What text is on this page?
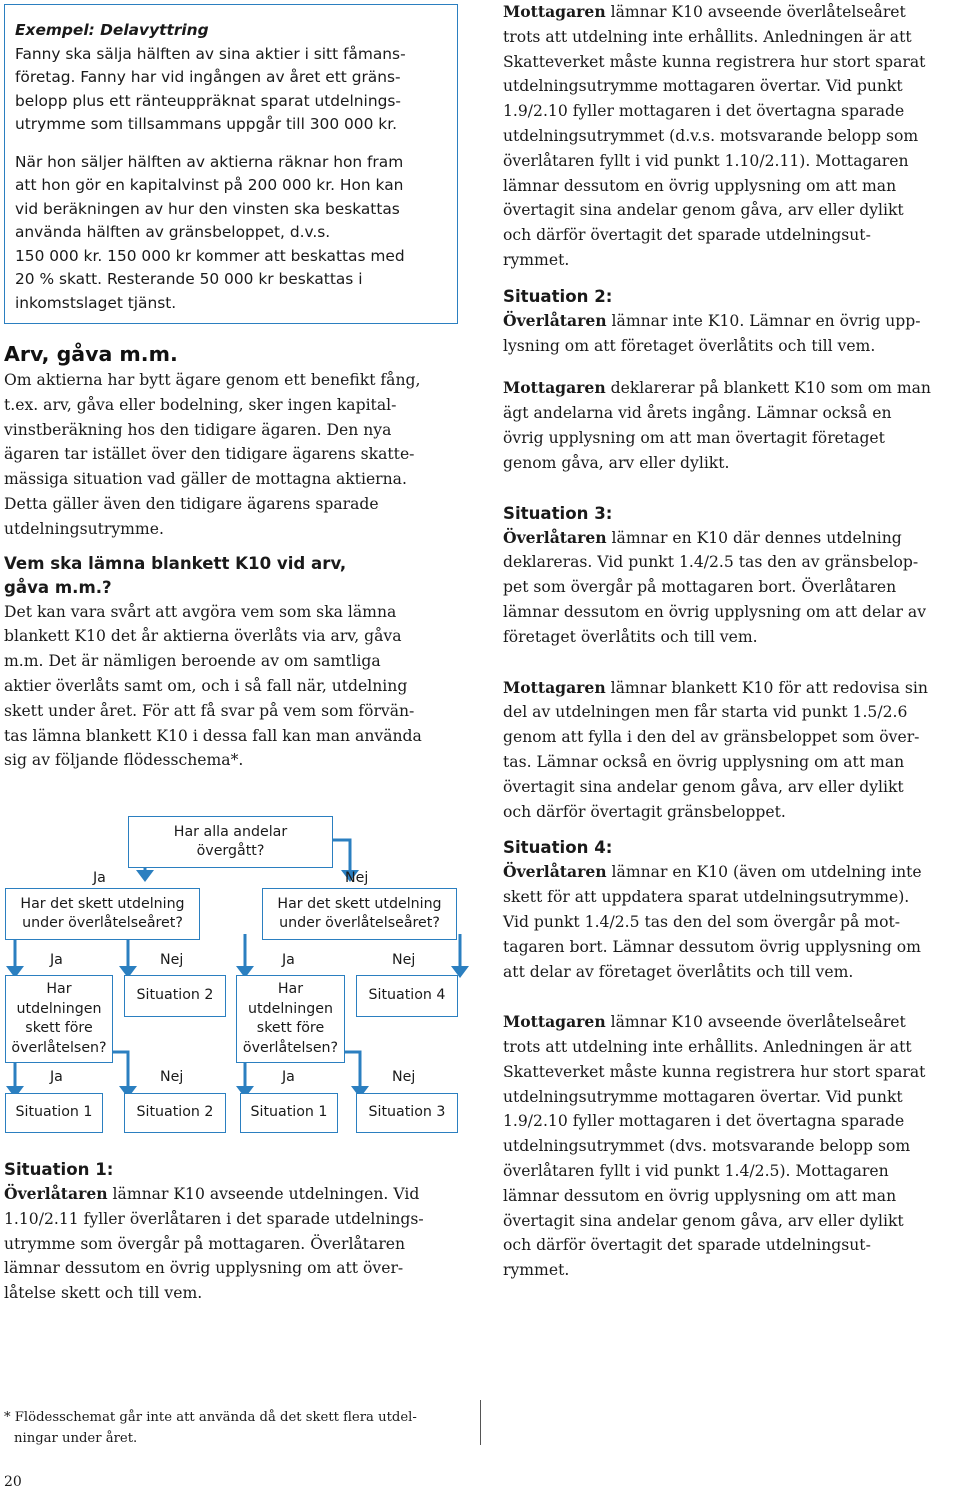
Exempel: Delavyttring
Fanny ska sälja hälften av sina aktier i sitt fåmans-
företag. Fanny har vid ingången av året ett gräns-
belopp plus ett ränteuppräknat sparat utdelnings-
utrymme som tillsammans uppgår till 300 000 kr.
När hon säljer hälften av aktierna räknar hon fram
att hon gör en kapitalvinst på 200 000 kr. Hon kan
vid beräkningen av hur den vinsten ska beskattas
använda hälften av gränsbeloppet, d.v.s.
150 000 kr. 150 000 kr kommer att beskattas med
20 % skatt. Resterande 50 000 kr beskattas i
inkomstslaget tjänst.
Arv, gåva m.m.
Om aktierna har bytt ägare genom ett benefikt fång,
t.ex. arv, gåva eller bodelning, sker ingen kapital-
vinstberäkning hos den tidigare ägaren. Den nya
ägaren tar istället över den tidigare ägarens skatte-
mässiga situation vad gäller de mottagna aktierna.
Detta gäller även den tidigare ägarens sparade
utdelningsutrymme.
Vem ska lämna blankett K10 vid arv,
gåva m.m.?
Det kan vara svårt att avgöra vem som ska lämna
blankett K10 det år aktierna överlåts via arv, gåva
m.m. Det är nämligen beroende av om samtliga
aktier överlåts samt om, och i så fall när, utdelning
skett under året. För att få svar på vem som förvän-
tas lämna blankett K10 i dessa fall kan man använda
sig av följande flödesschema*.
Har alla andelar övergått?
Ja	Nej
Har det skett utdelning under överlåtelseåret?
Har det skett utdelning under överlåtelseåret?
Ja	Nej	Ja	Nej
Har utdelningen skett före överlåtelsen?
Situation 2	Har utdelningen skett före överlåtelsen?
Situation 4
Ja	Nej	Ja	Nej
Situation 1	Situation 2	Situation 1	Situation 3
Situation 1:
Överlåtaren lämnar K10 avseende utdelningen. Vid
1.10/2.11 fyller överlåtaren i det sparade utdelnings-
utrymme som övergår på mottagaren. Överlåtaren
lämnar dessutom en övrig upplysning om att över-
låtelse skett och till vem.
Mottagaren lämnar K10 avseende överlåtelseåret
trots att utdelning inte erhållits. Anledningen är att
Skatteverket måste kunna registrera hur stort sparat
utdelningsutrymme mottagaren övertar. Vid punkt
1.9/2.10 fyller mottagaren i det övertagna sparade
utdelningsutrymmet (d.v.s. motsvarande belopp som
överlåtaren fyllt i vid punkt 1.10/2.11). Mottagaren
lämnar dessutom en övrig upplysning om att man
övertagit sina andelar genom gåva, arv eller dylikt
och därför övertagit det sparade utdelningsut-
rymmet.
Situation 2:
Överlåtaren lämnar inte K10. Lämnar en övrig upp-
lysning om att företaget överlåtits och till vem.
Mottagaren deklarerar på blankett K10 som om man
ägt andelarna vid årets ingång. Lämnar också en
övrig upplysning om att man övertagit företaget
genom gåva, arv eller dylikt.
Situation 3:
Överlåtaren lämnar en K10 där dennes utdelning
deklareras. Vid punkt 1.4/2.5 tas den av gränsbelop-
pet som övergår på mottagaren bort. Överlåtaren
lämnar dessutom en övrig upplysning om att delar av
företaget överlåtits och till vem.
Mottagaren lämnar blankett K10 för att redovisa sin
del av utdelningen men får starta vid punkt 1.5/2.6
genom att fylla i den del av gränsbeloppet som över-
tas. Lämnar också en övrig upplysning om att man
övertagit sina andelar genom gåva, arv eller dylikt
och därför övertagit gränsbeloppet.
Situation 4:
Överlåtaren lämnar en K10 (även om utdelning inte
skett för att uppdatera sparat utdelningsutrymme).
Vid punkt 1.4/2.5 tas den del som övergår på mot-
tagaren bort. Lämnar dessutom övrig upplysning om
att delar av företaget överlåtits och till vem.
Mottagaren lämnar K10 avseende överlåtelseåret
trots att utdelning inte erhållits. Anledningen är att
Skatteverket måste kunna registrera hur stort sparat
utdelningsutrymme mottagaren övertar. Vid punkt
1.9/2.10 fyller mottagaren i det övertagna sparade
utdelningsutrymmet (dvs. motsvarande belopp som
överlåtaren fyllt i vid punkt 1.4/2.5). Mottagaren
lämnar dessutom en övrig upplysning om att man
övertagit sina andelar genom gåva, arv eller dylikt
och därför övertagit det sparade utdelningsut-
rymmet.
* Flödesschemat går inte att använda då det skett flera utdel-
ningar under året.
20
